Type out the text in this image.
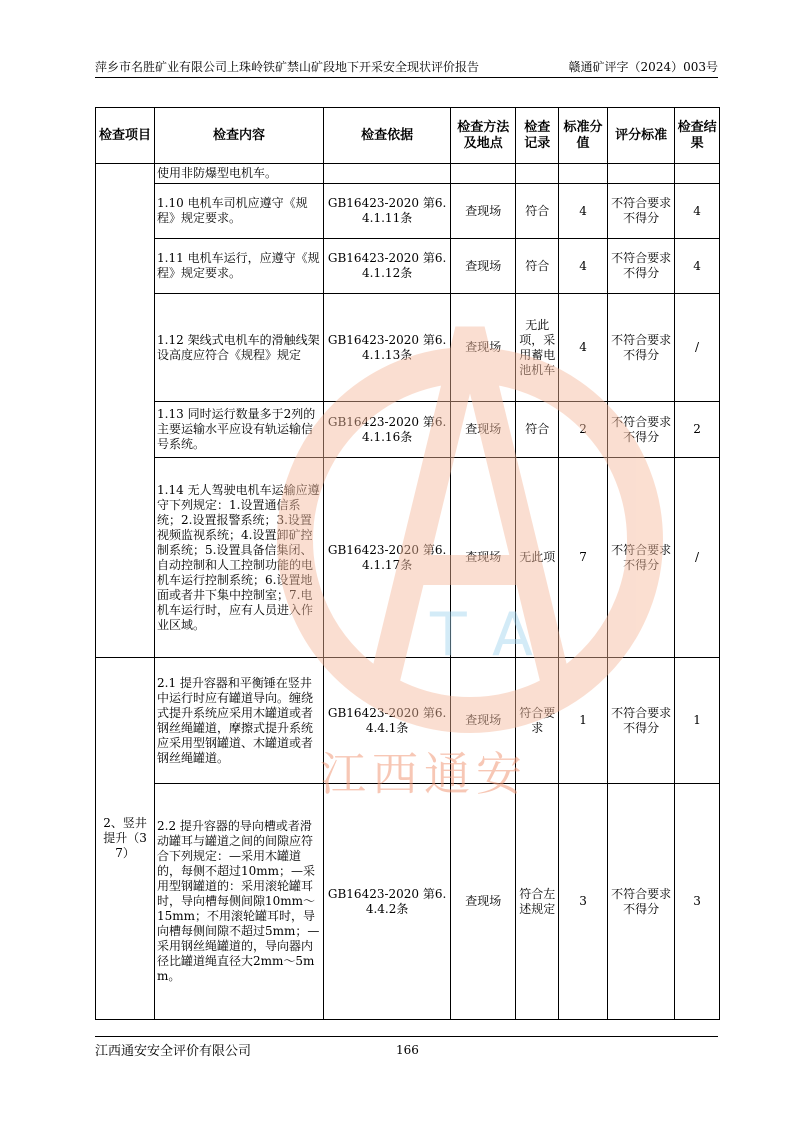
萍乡市名胜矿业有限公司上珠岭铁矿禁山矿段地下开采安全现状评价报告	赣通矿评字（2024）003号
检查项目	检查内容	检查依据	检查方法及地点	检查记录	标准分值	评分标准	检查结果
	使用非防爆型电机车。						
	1.10 电机车司机应遵守《规程》规定要求。	GB16423-2020 第6.4.1.11条	查现场	符合	4	不符合要求不得分	4
	1.11 电机车运行，应遵守《规程》规定要求。	GB16423-2020 第6.4.1.12条	查现场	符合	4	不符合要求不得分	4
	1.12 架线式电机车的滑触线架设高度应符合《规程》规定	GB16423-2020 第6.4.1.13条	查现场	无此项，采用蓄电池机车	4	不符合要求不得分	/
	1.13 同时运行数量多于2列的主要运输水平应设有轨运输信号系统。	GB16423-2020 第6.4.1.16条	查现场	符合	2	不符合要求不得分	2
	1.14 无人驾驶电机车运输应遵守下列规定：1.设置通信系统；2.设置报警系统；3.设置视频监视系统；4.设置卸矿控制系统；5.设置具备信集闭、自动控制和人工控制功能的电机车运行控制系统；6.设置地面或者井下集中控制室；7.电机车运行时，应有人员进入作业区域。	GB16423-2020 第6.4.1.17条	查现场	无此项	7	不符合要求不得分	/
2、竖井提升（37）	2.1 提升容器和平衡锤在竖井中运行时应有罐道导向。缠绕式提升系统应采用木罐道或者钢丝绳罐道，摩擦式提升系统应采用型钢罐道、木罐道或者钢丝绳罐道。	GB16423-2020 第6.4.4.1条	查现场	符合要求	1	不符合要求不得分	1
	2.2 提升容器的导向槽或者滑动罐耳与罐道之间的间隙应符合下列规定：—采用木罐道的，每侧不超过10mm；—采用型钢罐道的：采用滚轮罐耳时，导向槽每侧间隙10mm～15mm；不用滚轮罐耳时，导向槽每侧间隙不超过5mm；—采用钢丝绳罐道的，导向器内径比罐道绳直径大2mm～5mm。	GB16423-2020 第6.4.4.2条	查现场	符合左述规定	3	不符合要求不得分	3
江西通安
TA
江西通安安全评价有限公司	166
